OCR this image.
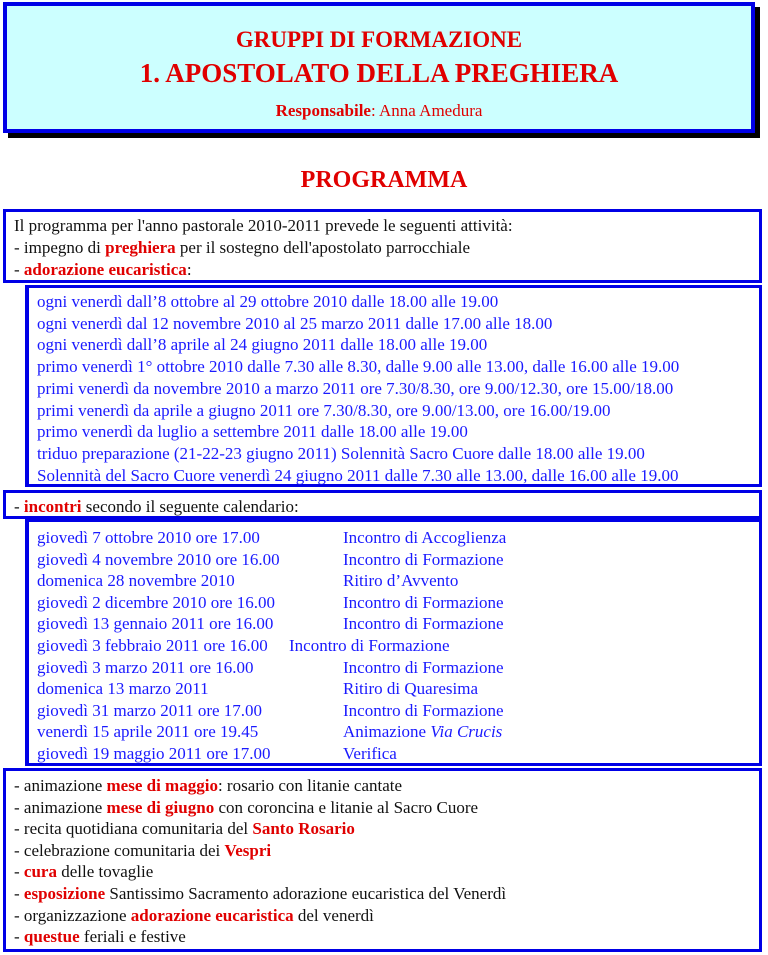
GRUPPI DI FORMAZIONE
1. APOSTOLATO DELLA PREGHIERA
Responsabile: Anna Amedura
PROGRAMMA
Il programma per l'anno pastorale 2010-2011 prevede le seguenti attività:
- impegno di preghiera per il sostegno dell'apostolato parrocchiale
- adorazione eucaristica:
ogni venerdì dall’8 ottobre al 29 ottobre 2010 dalle 18.00 alle 19.00
ogni venerdì dal 12 novembre 2010 al 25 marzo 2011 dalle 17.00 alle 18.00
ogni venerdì dall’8 aprile al 24 giugno 2011 dalle 18.00 alle 19.00
primo venerdì 1° ottobre 2010 dalle 7.30 alle 8.30, dalle 9.00 alle 13.00, dalle 16.00 alle 19.00
primi venerdì da novembre 2010 a marzo 2011 ore 7.30/8.30, ore 9.00/12.30, ore 15.00/18.00
primi venerdì da aprile a giugno 2011 ore 7.30/8.30, ore 9.00/13.00, ore 16.00/19.00
primo venerdì da luglio a settembre 2011 dalle 18.00 alle 19.00
triduo preparazione (21-22-23 giugno 2011) Solennità Sacro Cuore dalle 18.00 alle 19.00
Solennità del Sacro Cuore venerdì 24 giugno 2011 dalle 7.30 alle 13.00, dalle 16.00 alle 19.00
- incontri secondo il seguente calendario:
giovedì 7 ottobre 2010 ore 17.00	Incontro di Accoglienza
giovedì 4 novembre 2010 ore 16.00	Incontro di Formazione
domenica 28 novembre 2010	Ritiro d’Avvento
giovedì 2 dicembre 2010 ore 16.00	Incontro di Formazione
giovedì 13 gennaio 2011 ore 16.00	Incontro di Formazione
giovedì 3 febbraio 2011 ore 16.00 Incontro di Formazione
giovedì 3 marzo 2011 ore 16.00	Incontro di Formazione
domenica 13 marzo 2011	Ritiro di Quaresima
giovedì 31 marzo 2011 ore 17.00	Incontro di Formazione
venerdì 15 aprile 2011 ore 19.45	Animazione Via Crucis
giovedì 19 maggio 2011 ore 17.00	Verifica
- animazione mese di maggio: rosario con litanie cantate
- animazione mese di giugno con coroncina e litanie al Sacro Cuore
- recita quotidiana comunitaria del Santo Rosario
- celebrazione comunitaria dei Vespri
- cura delle tovaglie
- esposizione Santissimo Sacramento adorazione eucaristica del Venerdì
- organizzazione adorazione eucaristica del venerdì
- questue feriali e festive
